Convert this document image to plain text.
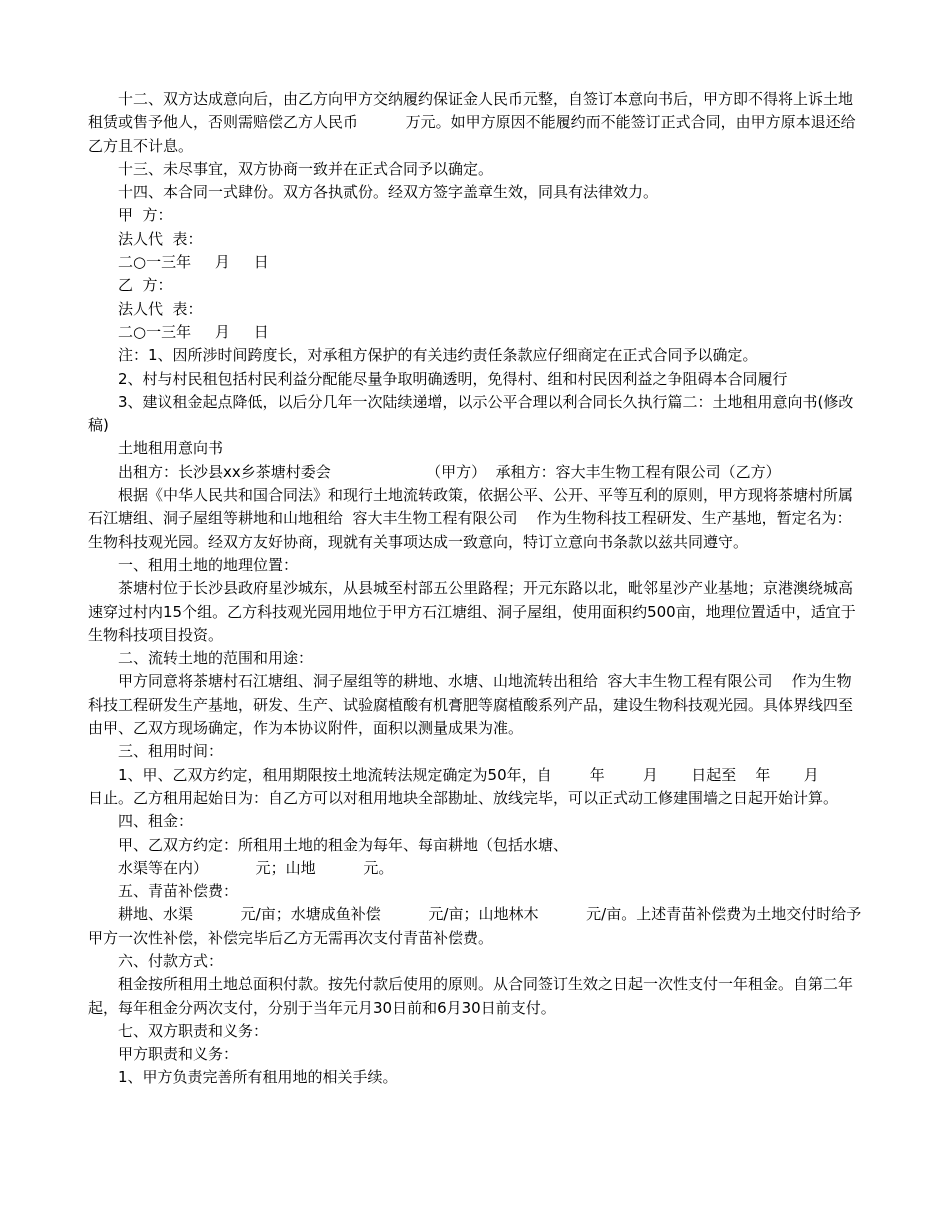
十二、双方达成意向后，由乙方向甲方交纳履约保证金人民币元整，自签订本意向书后，甲方即不得将上诉土地租赁或售予他人，否则需赔偿乙方人民币          万元。如甲方原因不能履约而不能签订正式合同，由甲方原本退还给乙方且不计息。

十三、未尽事宜，双方协商一致并在正式合同予以确定。

十四、本合同一式肆份。双方各执贰份。经双方签字盖章生效，同具有法律效力。

甲  方：

法人代  表：

二○一三年     月     日

乙  方：

法人代  表：

二○一三年     月     日

注：1、因所涉时间跨度长，对承租方保护的有关违约责任条款应仔细商定在正式合同予以确定。

2、村与村民租包括村民利益分配能尽量争取明确透明，免得村、组和村民因利益之争阻碍本合同履行

3、建议租金起点降低，以后分几年一次陆续递增，以示公平合理以利合同长久执行篇二：土地租用意向书(修改稿)

土地租用意向书

出租方：长沙县xx乡茶塘村委会                    （甲方）  承租方：容大丰生物工程有限公司（乙方）

根据《中华人民共和国合同法》和现行土地流转政策，依据公平、公开、平等互利的原则，甲方现将茶塘村所属石江塘组、洞子屋组等耕地和山地租给  容大丰生物工程有限公司    作为生物科技工程研发、生产基地，暂定名为：生物科技观光园。经双方友好协商，现就有关事项达成一致意向，特订立意向书条款以兹共同遵守。

一、租用土地的地理位置：

茶塘村位于长沙县政府星沙城东，从县城至村部五公里路程；开元东路以北，毗邻星沙产业基地；京港澳绕城高速穿过村内15个组。乙方科技观光园用地位于甲方石江塘组、洞子屋组，使用面积约500亩，地理位置适中，适宜于生物科技项目投资。

二、流转土地的范围和用途：

甲方同意将茶塘村石江塘组、洞子屋组等的耕地、水塘、山地流转出租给  容大丰生物工程有限公司    作为生物科技工程研发生产基地，研发、生产、试验腐植酸有机膏肥等腐植酸系列产品，建设生物科技观光园。具体界线四至由甲、乙双方现场确定，作为本协议附件，面积以测量成果为准。

三、租用时间：

1、甲、乙双方约定，租用期限按土地流转法规定确定为50年，自        年        月       日起至    年       月       日止。乙方租用起始日为：自乙方可以对租用地块全部勘址、放线完毕，可以正式动工修建围墙之日起开始计算。

四、租金：

甲、乙双方约定：所租用土地的租金为每年、每亩耕地（包括水塘、

水渠等在内）          元；山地          元。

五、青苗补偿费：

耕地、水渠          元/亩；水塘成鱼补偿          元/亩；山地林木          元/亩。上述青苗补偿费为土地交付时给予甲方一次性补偿，补偿完毕后乙方无需再次支付青苗补偿费。

六、付款方式：

租金按所租用土地总面积付款。按先付款后使用的原则。从合同签订生效之日起一次性支付一年租金。自第二年起，每年租金分两次支付，分别于当年元月30日前和6月30日前支付。

七、双方职责和义务：

甲方职责和义务：

1、甲方负责完善所有租用地的相关手续。
